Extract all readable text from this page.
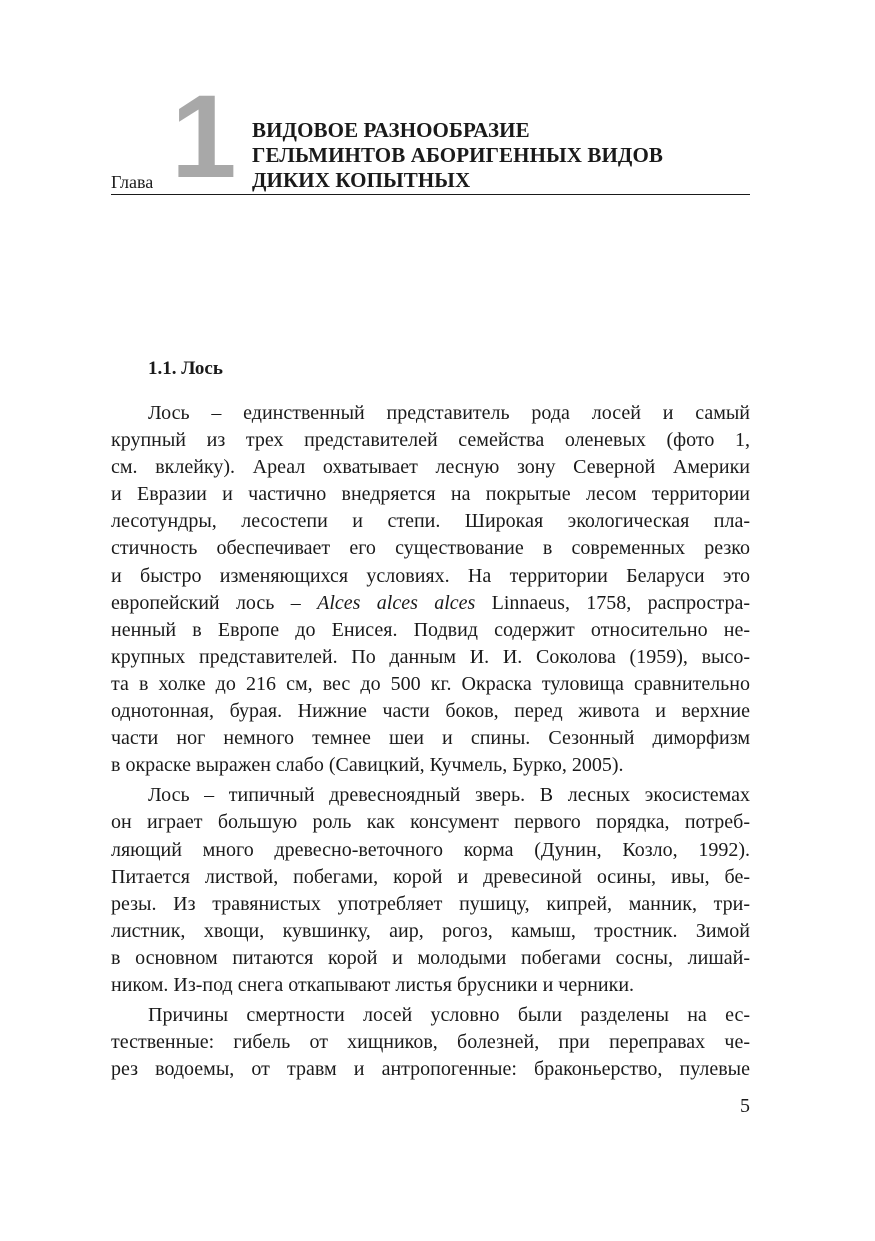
Глава 1 ВИДОВОЕ РАЗНООБРАЗИЕ
ГЕЛЬМИНТОВ АБОРИГЕННЫХ ВИДОВ
ДИКИХ КОПЫТНЫХ
1.1. Лось

Лось – единственный представитель рода лосей и самый
крупный из трех представителей семейства оленевых (фото 1,
см. вклейку). Ареал охватывает лесную зону Северной Америки
и Евразии и частично внедряется на покрытые лесом территории
лесотундры, лесостепи и степи. Широкая экологическая пла-
стичность обеспечивает его существование в современных резко
и быстро изменяющихся условиях. На территории Беларуси это
европейский лось – Alces alces alces Linnaeus, 1758, распростра-
ненный в Европе до Енисея. Подвид содержит относительно не-
крупных представителей. По данным И. И. Соколова (1959), высо-
та в холке до 216 см, вес до 500 кг. Окраска туловища сравнительно
однотонная, бурая. Нижние части боков, перед живота и верхние
части ног немного темнее шеи и спины. Сезонный диморфизм
в окраске выражен слабо (Савицкий, Кучмель, Бурко, 2005).

Лось – типичный древесноядный зверь. В лесных экосистемах
он играет большую роль как консумент первого порядка, потреб-
ляющий много древесно-веточного корма (Дунин, Козло, 1992).
Питается листвой, побегами, корой и древесиной осины, ивы, бе-
резы. Из травянистых употребляет пушицу, кипрей, манник, три-
листник, хвощи, кувшинку, аир, рогоз, камыш, тростник. Зимой
в основном питаются корой и молодыми побегами сосны, лишай-
ником. Из-под снега откапывают листья брусники и черники.

Причины смертности лосей условно были разделены на ес-
тественные: гибель от хищников, болезней, при переправах че-
рез водоемы, от травм и антропогенные: браконьерство, пулевые

5
